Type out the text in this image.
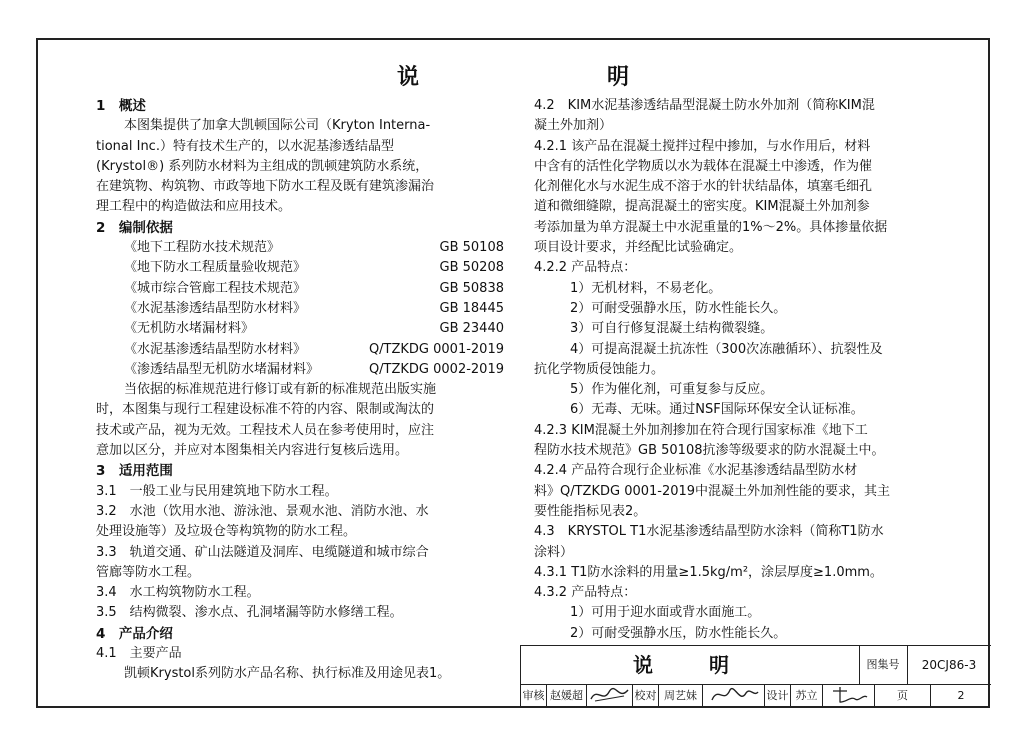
说　　明
1　概述
本图集提供了加拿大凯顿国际公司（Kryton Interna-
tional Inc.）特有技术生产的，以水泥基渗透结晶型
(Krystol®) 系列防水材料为主组成的凯顿建筑防水系统，
在建筑物、构筑物、市政等地下防水工程及既有建筑渗漏治
理工程中的构造做法和应用技术。
2　编制依据
《地下工程防水技术规范》	GB 50108
《地下防水工程质量验收规范》	GB 50208
《城市综合管廊工程技术规范》	GB 50838
《水泥基渗透结晶型防水材料》	GB 18445
《无机防水堵漏材料》	GB 23440
《水泥基渗透结晶型防水材料》	Q/TZKDG 0001-2019
《渗透结晶型无机防水堵漏材料》	Q/TZKDG 0002-2019
当依据的标准规范进行修订或有新的标准规范出版实施
时，本图集与现行工程建设标准不符的内容、限制或淘汰的
技术或产品，视为无效。工程技术人员在参考使用时，应注
意加以区分，并应对本图集相关内容进行复核后选用。
3　适用范围
3.1　一般工业与民用建筑地下防水工程。
3.2　水池（饮用水池、游泳池、景观水池、消防水池、水
处理设施等）及垃圾仓等构筑物的防水工程。
3.3　轨道交通、矿山法隧道及洞库、电缆隧道和城市综合
管廊等防水工程。
3.4　水工构筑物防水工程。
3.5　结构微裂、渗水点、孔洞堵漏等防水修缮工程。
4　产品介绍
4.1　主要产品
凯顿Krystol系列防水产品名称、执行标准及用途见表1。
4.2　KIM水泥基渗透结晶型混凝土防水外加剂（简称KIM混
凝土外加剂）
4.2.1 该产品在混凝土搅拌过程中掺加，与水作用后，材料
中含有的活性化学物质以水为载体在混凝土中渗透，作为催
化剂催化水与水泥生成不溶于水的针状结晶体，填塞毛细孔
道和微细缝隙，提高混凝土的密实度。KIM混凝土外加剂参
考添加量为单方混凝土中水泥重量的1%～2%。具体掺量依据
项目设计要求，并经配比试验确定。
4.2.2 产品特点：
1）无机材料，不易老化。
2）可耐受强静水压，防水性能长久。
3）可自行修复混凝土结构微裂缝。
4）可提高混凝土抗冻性（300次冻融循环）、抗裂性及
抗化学物质侵蚀能力。
5）作为催化剂，可重复参与反应。
6）无毒、无味。通过NSF国际环保安全认证标准。
4.2.3 KIM混凝土外加剂掺加在符合现行国家标准《地下工
程防水技术规范》GB 50108抗渗等级要求的防水混凝土中。
4.2.4 产品符合现行企业标准《水泥基渗透结晶型防水材
料》Q/TZKDG 0001-2019中混凝土外加剂性能的要求，其主
要性能指标见表2。
4.3　KRYSTOL T1水泥基渗透结晶型防水涂料（简称T1防水
涂料）
4.3.1 T1防水涂料的用量≥1.5kg/m²，涂层厚度≥1.0mm。
4.3.2 产品特点：
1）可用于迎水面或背水面施工。
2）可耐受强静水压，防水性能长久。
说　明	图集号	20CJ86-3
审核 赵媛超	校对 周艺妹	设计 苏立	页	2
